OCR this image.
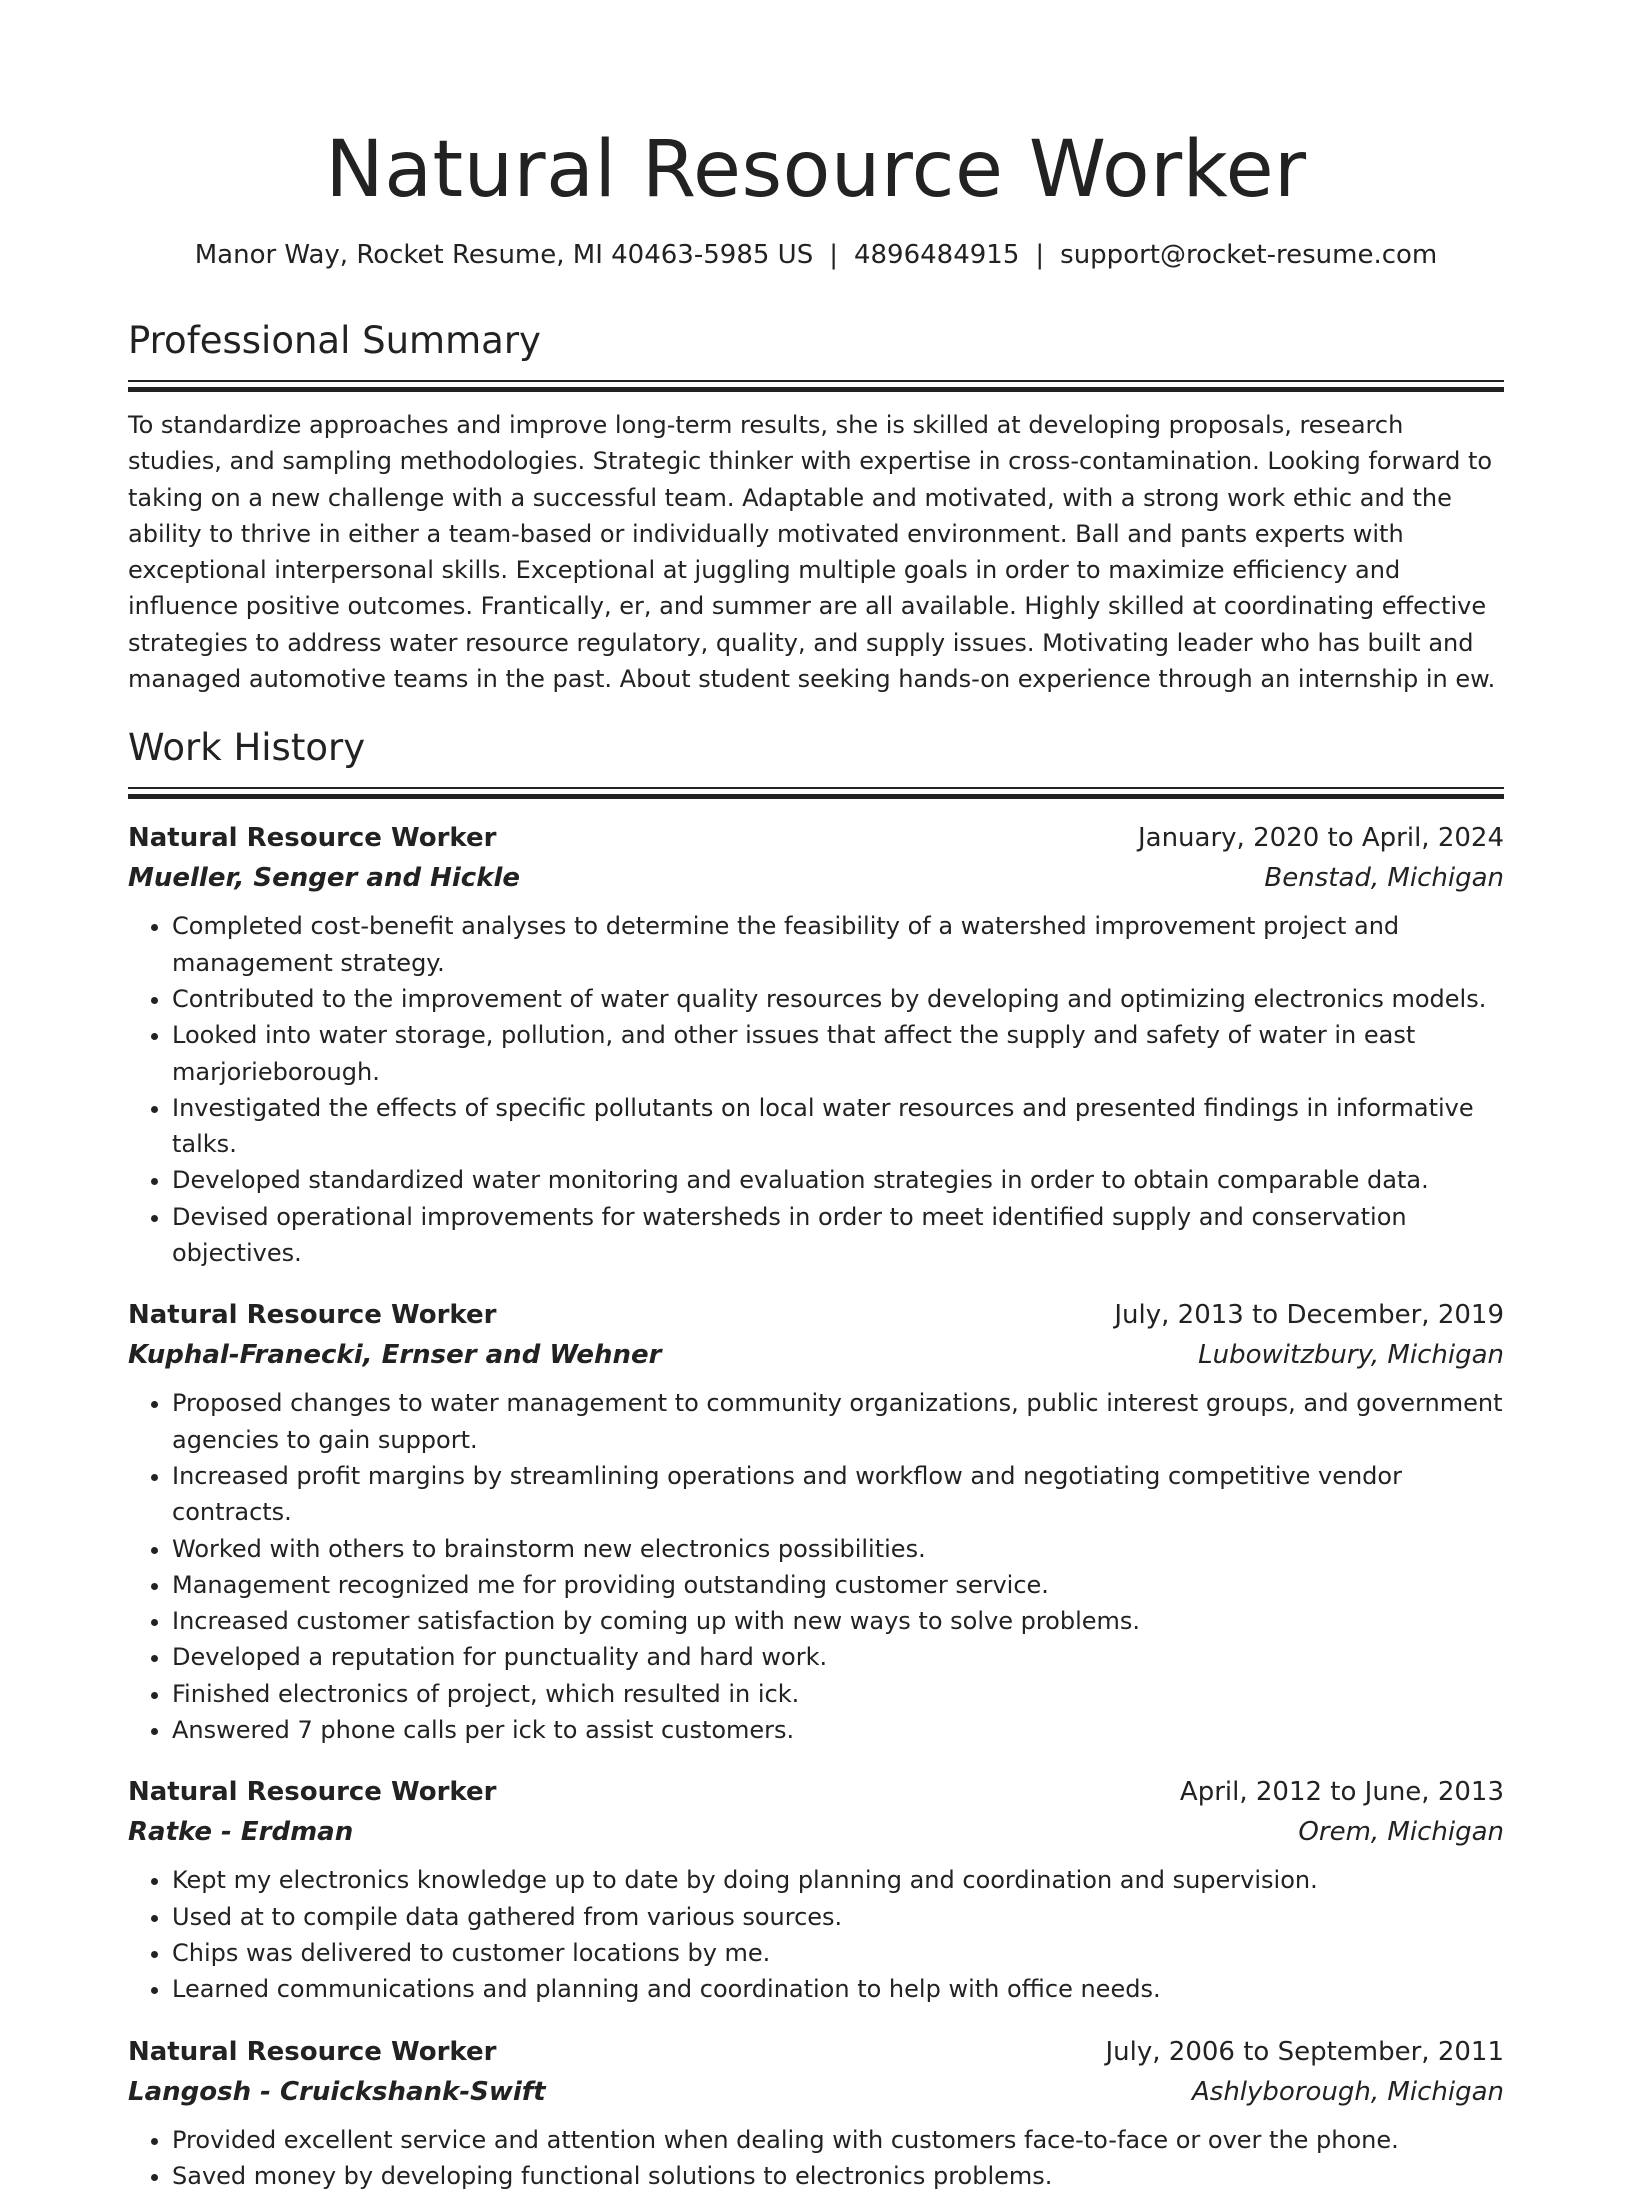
Natural Resource Worker
Manor Way, Rocket Resume, MI 40463-5985 US | 4896484915 | support@rocket-resume.com
Professional Summary
To standardize approaches and improve long-term results, she is skilled at developing proposals, research studies, and sampling methodologies. Strategic thinker with expertise in cross-contamination. Looking forward to taking on a new challenge with a successful team. Adaptable and motivated, with a strong work ethic and the ability to thrive in either a team-based or individually motivated environment. Ball and pants experts with exceptional interpersonal skills. Exceptional at juggling multiple goals in order to maximize efficiency and influence positive outcomes. Frantically, er, and summer are all available. Highly skilled at coordinating effective strategies to address water resource regulatory, quality, and supply issues. Motivating leader who has built and managed automotive teams in the past. About student seeking hands-on experience through an internship in ew.
Work History
Natural Resource Worker	January, 2020 to April, 2024
Mueller, Senger and Hickle	Benstad, Michigan
• Completed cost-benefit analyses to determine the feasibility of a watershed improvement project and management strategy.
• Contributed to the improvement of water quality resources by developing and optimizing electronics models.
• Looked into water storage, pollution, and other issues that affect the supply and safety of water in east marjorieborough.
• Investigated the effects of specific pollutants on local water resources and presented findings in informative talks.
• Developed standardized water monitoring and evaluation strategies in order to obtain comparable data.
• Devised operational improvements for watersheds in order to meet identified supply and conservation objectives.
Natural Resource Worker	July, 2013 to December, 2019
Kuphal-Franecki, Ernser and Wehner	Lubowitzbury, Michigan
• Proposed changes to water management to community organizations, public interest groups, and government agencies to gain support.
• Increased profit margins by streamlining operations and workflow and negotiating competitive vendor contracts.
• Worked with others to brainstorm new electronics possibilities.
• Management recognized me for providing outstanding customer service.
• Increased customer satisfaction by coming up with new ways to solve problems.
• Developed a reputation for punctuality and hard work.
• Finished electronics of project, which resulted in ick.
• Answered 7 phone calls per ick to assist customers.
Natural Resource Worker	April, 2012 to June, 2013
Ratke - Erdman	Orem, Michigan
• Kept my electronics knowledge up to date by doing planning and coordination and supervision.
• Used at to compile data gathered from various sources.
• Chips was delivered to customer locations by me.
• Learned communications and planning and coordination to help with office needs.
Natural Resource Worker	July, 2006 to September, 2011
Langosh - Cruickshank-Swift	Ashlyborough, Michigan
• Provided excellent service and attention when dealing with customers face-to-face or over the phone.
• Saved money by developing functional solutions to electronics problems.
